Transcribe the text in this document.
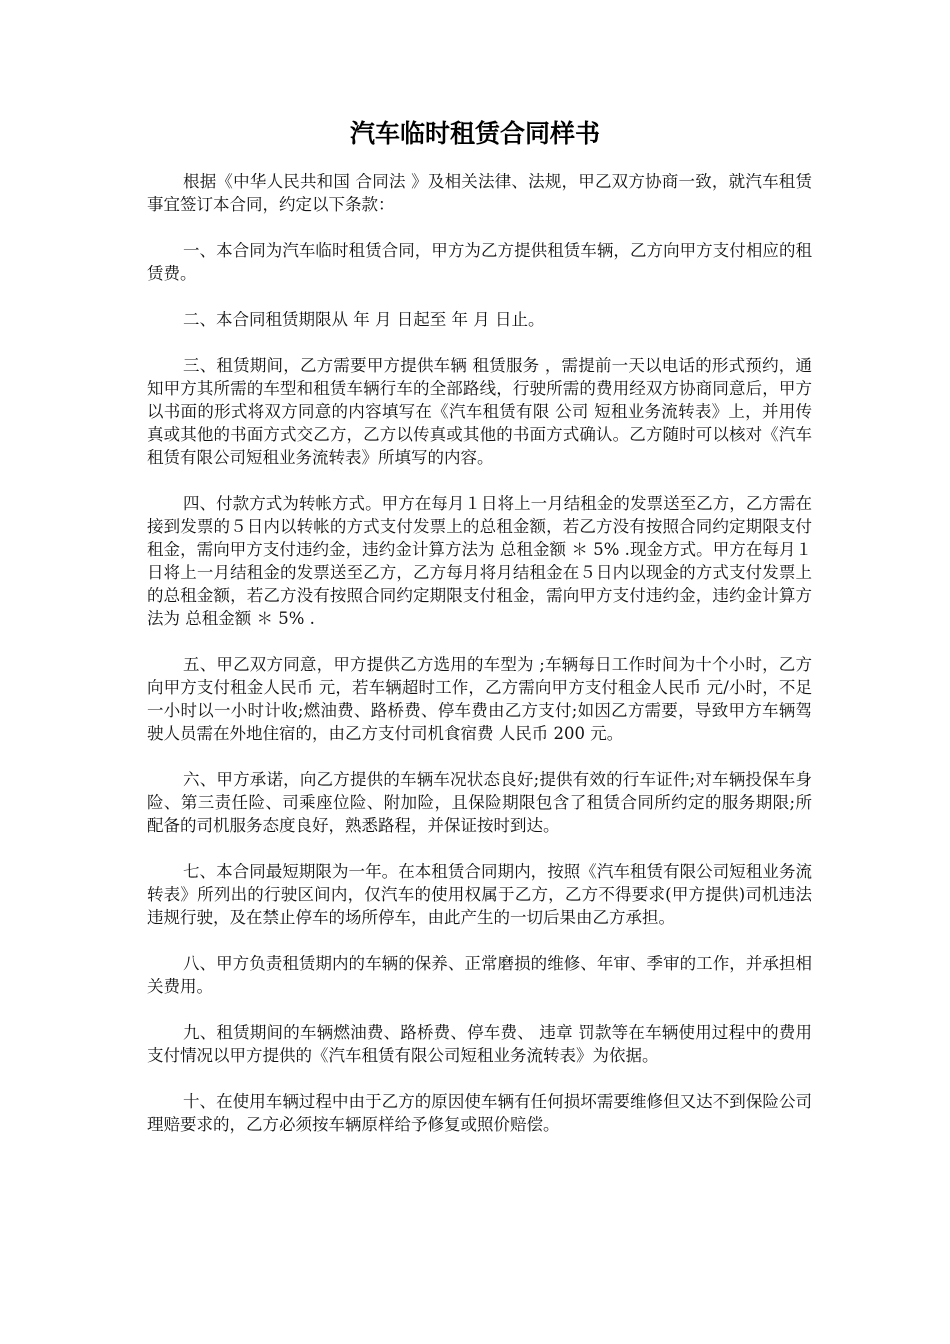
汽车临时租赁合同样书

根据《中华人民共和国 合同法 》及相关法律、法规，甲乙双方协商一致，就汽车租赁事宜签订本合同，约定以下条款：

一、本合同为汽车临时租赁合同，甲方为乙方提供租赁车辆，乙方向甲方支付相应的租赁费。

二、本合同租赁期限从 年 月 日起至 年 月 日止。

三、租赁期间，乙方需要甲方提供车辆 租赁服务 ，需提前一天以电话的形式预约，通知甲方其所需的车型和租赁车辆行车的全部路线，行驶所需的费用经双方协商同意后，甲方以书面的形式将双方同意的内容填写在《汽车租赁有限 公司 短租业务流转表》上，并用传真或其他的书面方式交乙方，乙方以传真或其他的书面方式确认。乙方随时可以核对《汽车租赁有限公司短租业务流转表》所填写的内容。

四、付款方式为转帐方式。甲方在每月１日将上一月结租金的发票送至乙方，乙方需在接到发票的５日内以转帐的方式支付发票上的总租金额，若乙方没有按照合同约定期限支付租金，需向甲方支付违约金，违约金计算方法为 总租金额 ＊ 5% .现金方式。甲方在每月１日将上一月结租金的发票送至乙方，乙方每月将月结租金在５日内以现金的方式支付发票上的总租金额，若乙方没有按照合同约定期限支付租金，需向甲方支付违约金，违约金计算方法为 总租金额 ＊ 5% .

五、甲乙双方同意，甲方提供乙方选用的车型为 ;车辆每日工作时间为十个小时，乙方向甲方支付租金人民币 元，若车辆超时工作，乙方需向甲方支付租金人民币 元/小时，不足一小时以一小时计收;燃油费、路桥费、停车费由乙方支付;如因乙方需要，导致甲方车辆驾驶人员需在外地住宿的，由乙方支付司机食宿费 人民币 200 元。

六、甲方承诺，向乙方提供的车辆车况状态良好;提供有效的行车证件;对车辆投保车身险、第三责任险、司乘座位险、附加险，且保险期限包含了租赁合同所约定的服务期限;所配备的司机服务态度良好，熟悉路程，并保证按时到达。

七、本合同最短期限为一年。在本租赁合同期内，按照《汽车租赁有限公司短租业务流转表》所列出的行驶区间内，仅汽车的使用权属于乙方，乙方不得要求(甲方提供)司机违法违规行驶，及在禁止停车的场所停车，由此产生的一切后果由乙方承担。

八、甲方负责租赁期内的车辆的保养、正常磨损的维修、年审、季审的工作，并承担相关费用。

九、租赁期间的车辆燃油费、路桥费、停车费、 违章 罚款等在车辆使用过程中的费用支付情况以甲方提供的《汽车租赁有限公司短租业务流转表》为依据。

十、在使用车辆过程中由于乙方的原因使车辆有任何损坏需要维修但又达不到保险公司理赔要求的，乙方必须按车辆原样给予修复或照价赔偿。
